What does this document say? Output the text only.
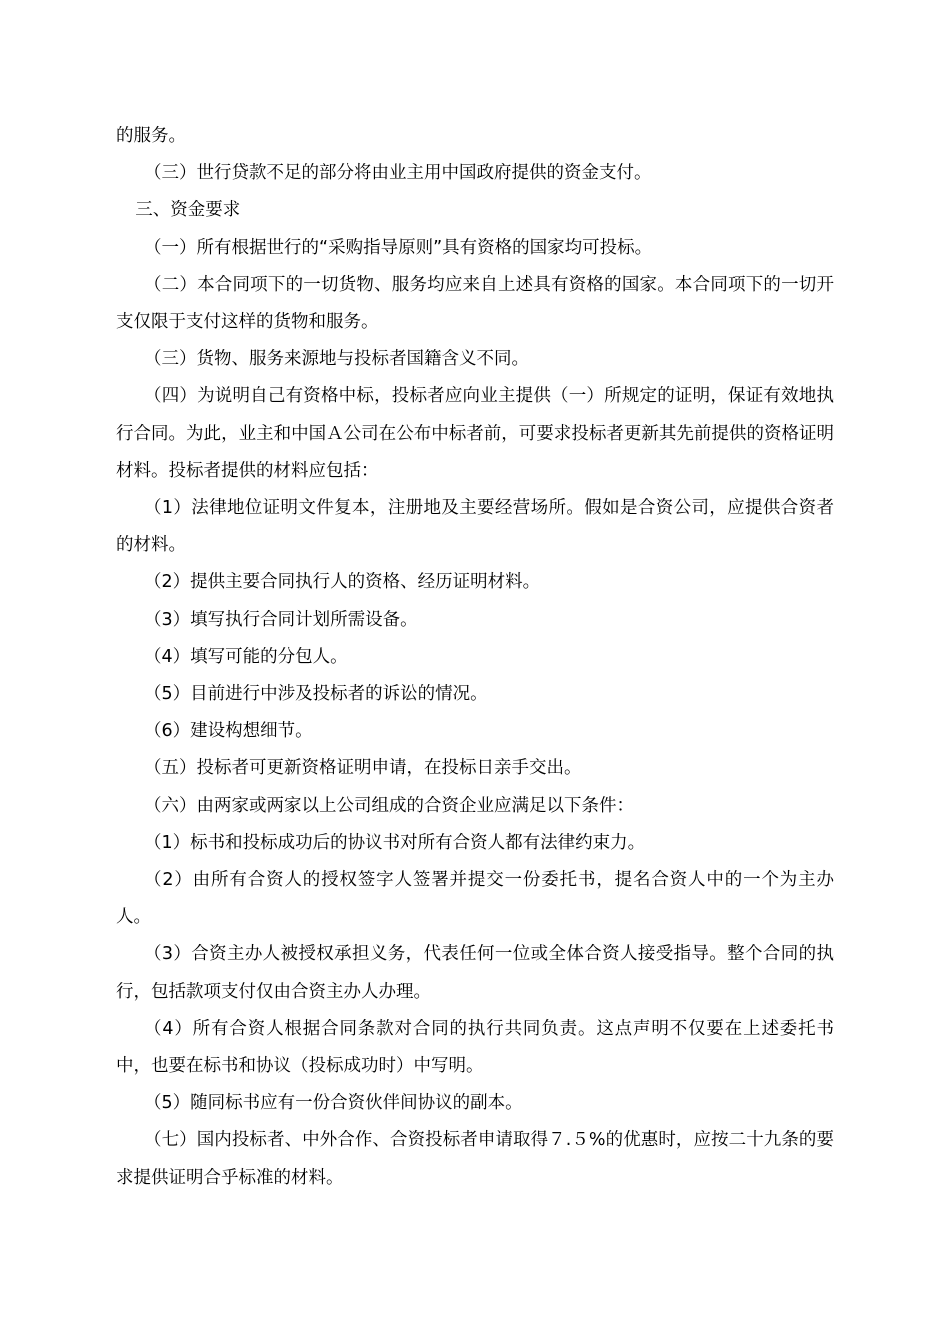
的服务。

（三）世行贷款不足的部分将由业主用中国政府提供的资金支付。

三、资金要求

（一）所有根据世行的“采购指导原则”具有资格的国家均可投标。

（二）本合同项下的一切货物、服务均应来自上述具有资格的国家。本合同项下的一切开支仅限于支付这样的货物和服务。

（三）货物、服务来源地与投标者国籍含义不同。

（四）为说明自己有资格中标，投标者应向业主提供（一）所规定的证明，保证有效地执行合同。为此，业主和中国Ａ公司在公布中标者前，可要求投标者更新其先前提供的资格证明材料。投标者提供的材料应包括：

（1）法律地位证明文件复本，注册地及主要经营场所。假如是合资公司，应提供合资者的材料。

（2）提供主要合同执行人的资格、经历证明材料。

（3）填写执行合同计划所需设备。

（4）填写可能的分包人。

（5）目前进行中涉及投标者的诉讼的情况。

（6）建设构想细节。

（五）投标者可更新资格证明申请，在投标日亲手交出。

（六）由两家或两家以上公司组成的合资企业应满足以下条件：

（1）标书和投标成功后的协议书对所有合资人都有法律约束力。

（2）由所有合资人的授权签字人签署并提交一份委托书，提名合资人中的一个为主办人。

（3）合资主办人被授权承担义务，代表任何一位或全体合资人接受指导。整个合同的执行，包括款项支付仅由合资主办人办理。

（4）所有合资人根据合同条款对合同的执行共同负责。这点声明不仅要在上述委托书中，也要在标书和协议（投标成功时）中写明。

（5）随同标书应有一份合资伙伴间协议的副本。

（七）国内投标者、中外合作、合资投标者申请取得７.５%的优惠时，应按二十九条的要求提供证明合乎标准的材料。
